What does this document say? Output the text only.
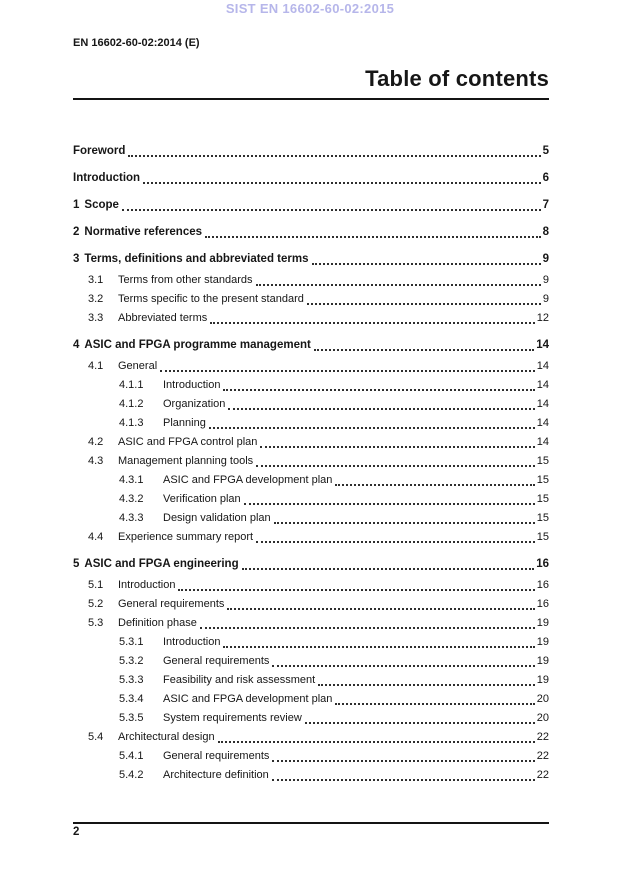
SIST EN 16602-60-02:2015
EN 16602-60-02:2014 (E)
Table of contents
Foreword	5
Introduction	6
1 Scope	7
2 Normative references	8
3 Terms, definitions and abbreviated terms	9
3.1	Terms from other standards	9
3.2	Terms specific to the present standard	9
3.3	Abbreviated terms	12
4 ASIC and FPGA programme management	14
4.1	General	14
4.1.1	Introduction	14
4.1.2	Organization	14
4.1.3	Planning	14
4.2	ASIC and FPGA control plan	14
4.3	Management planning tools	15
4.3.1	ASIC and FPGA development plan	15
4.3.2	Verification plan	15
4.3.3	Design validation plan	15
4.4	Experience summary report	15
5 ASIC and FPGA engineering	16
5.1	Introduction	16
5.2	General requirements	16
5.3	Definition phase	19
5.3.1	Introduction	19
5.3.2	General requirements	19
5.3.3	Feasibility and risk assessment	19
5.3.4	ASIC and FPGA development plan	20
5.3.5	System requirements review	20
5.4	Architectural design	22
5.4.1	General requirements	22
5.4.2	Architecture definition	22
2
